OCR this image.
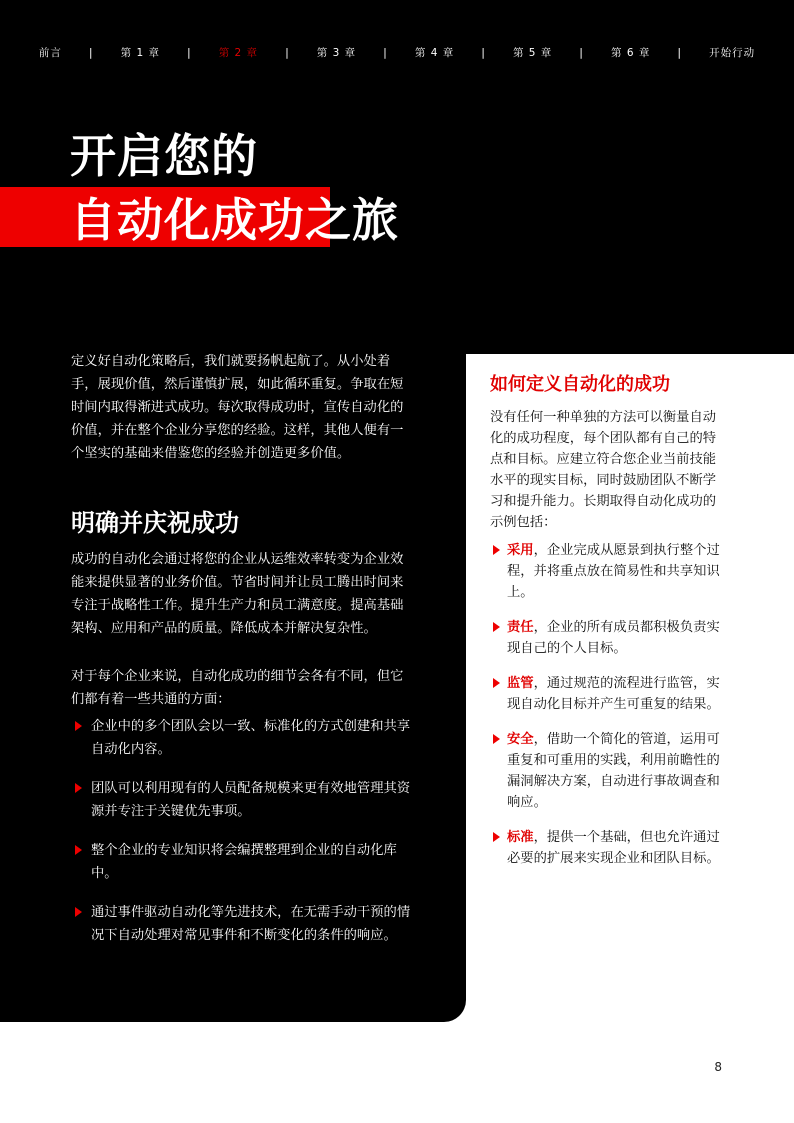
前言 |	第 1 章 |	第 2 章 |	第 3 章 |	第 4 章 |	第 5 章 |	第 6 章 |	开始行动
开启您的
自动化成功之旅

定义好自动化策略后，我们就要扬帆起航了。从小处着手，展现价值，然后谨慎扩展，如此循环重复。争取在短时间内取得渐进式成功。每次取得成功时，宣传自动化的价值，并在整个企业分享您的经验。这样，其他人便有一个坚实的基础来借鉴您的经验并创造更多价值。

明确并庆祝成功

成功的自动化会通过将您的企业从运维效率转变为企业效能来提供显著的业务价值。节省时间并让员工腾出时间来专注于战略性工作。提升生产力和员工满意度。提高基础架构、应用和产品的质量。降低成本并解决复杂性。

对于每个企业来说，自动化成功的细节会各有不同，但它们都有着一些共通的方面：

企业中的多个团队会以一致、标准化的方式创建和共享自动化内容。
团队可以利用现有的人员配备规模来更有效地管理其资源并专注于关键优先事项。
整个企业的专业知识将会编撰整理到企业的自动化库中。
通过事件驱动自动化等先进技术，在无需手动干预的情况下自动处理对常见事件和不断变化的条件的响应。
如何定义自动化的成功

没有任何一种单独的方法可以衡量自动化的成功程度，每个团队都有自己的特点和目标。应建立符合您企业当前技能水平的现实目标，同时鼓励团队不断学习和提升能力。长期取得自动化成功的示例包括：

采用，企业完成从愿景到执行整个过程，并将重点放在简易性和共享知识上。
责任，企业的所有成员都积极负责实现自己的个人目标。
监管，通过规范的流程进行监管，实现自动化目标并产生可重复的结果。
安全，借助一个简化的管道，运用可重复和可重用的实践，利用前瞻性的漏洞解决方案，自动进行事故调查和响应。
标准，提供一个基础，但也允许通过必要的扩展来实现企业和团队目标。
8
